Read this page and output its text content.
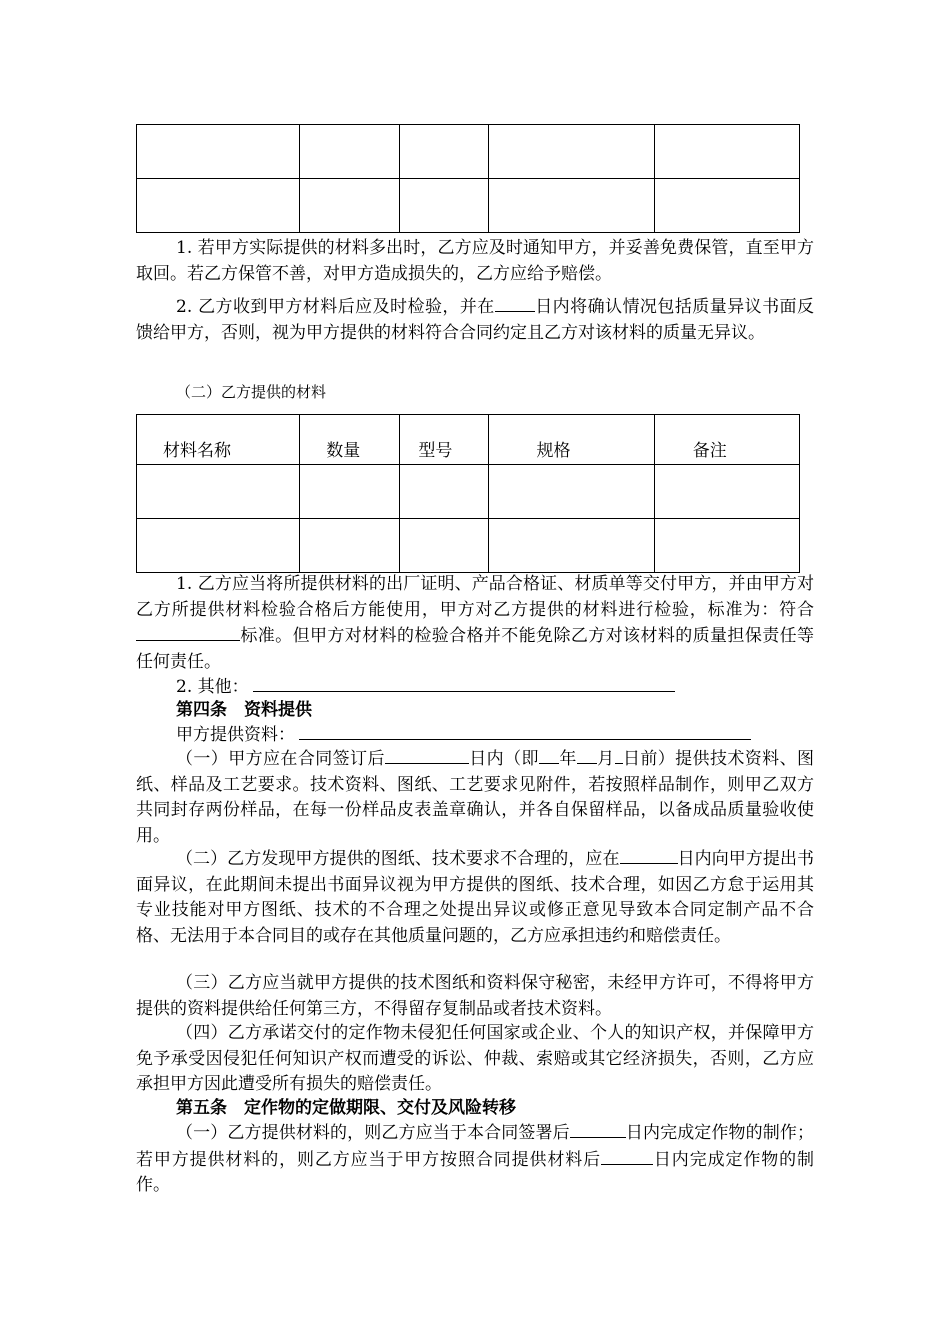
1. 若甲方实际提供的材料多出时，乙方应及时通知甲方，并妥善免费保管，直至甲方取回。若乙方保管不善，对甲方造成损失的，乙方应给予赔偿。

2. 乙方收到甲方材料后应及时检验，并在 日内将确认情况包括质量异议书面反馈给甲方，否则，视为甲方提供的材料符合合同约定且乙方对该材料的质量无异议。

（二）乙方提供的材料

材料名称	数量	型号	规格	备注

1. 乙方应当将所提供材料的出厂证明、产品合格证、材质单等交付甲方，并由甲方对乙方所提供材料检验合格后方能使用，甲方对乙方提供的材料进行检验，标准为：符合标准。但甲方对材料的检验合格并不能免除乙方对该材料的质量担保责任等任何责任。

2. 其他：

第四条　资料提供

甲方提供资料：

（一）甲方应在合同签订后	日内（即 年 月 日前）提供技术资料、图纸、样品及工艺要求。技术资料、图纸、工艺要求见附件，若按照样品制作，则甲乙双方共同封存两份样品，在每一份样品皮表盖章确认，并各自保留样品，以备成品质量验收使用。

（二）乙方发现甲方提供的图纸、技术要求不合理的，应在	日内向甲方提出书面异议，在此期间未提出书面异议视为甲方提供的图纸、技术合理，如因乙方怠于运用其专业技能对甲方图纸、技术的不合理之处提出异议或修正意见导致本合同定制产品不合格、无法用于本合同目的或存在其他质量问题的，乙方应承担违约和赔偿责任。

（三）乙方应当就甲方提供的技术图纸和资料保守秘密，未经甲方许可，不得将甲方提供的资料提供给任何第三方，不得留存复制品或者技术资料。

（四）乙方承诺交付的定作物未侵犯任何国家或企业、个人的知识产权，并保障甲方免予承受因侵犯任何知识产权而遭受的诉讼、仲裁、索赔或其它经济损失，否则，乙方应承担甲方因此遭受所有损失的赔偿责任。

第五条　定作物的定做期限、交付及风险转移

（一）乙方提供材料的，则乙方应当于本合同签署后	日内完成定作物的制作；若甲方提供材料的，则乙方应当于甲方按照合同提供材料后	日内完成定作物的制作。
